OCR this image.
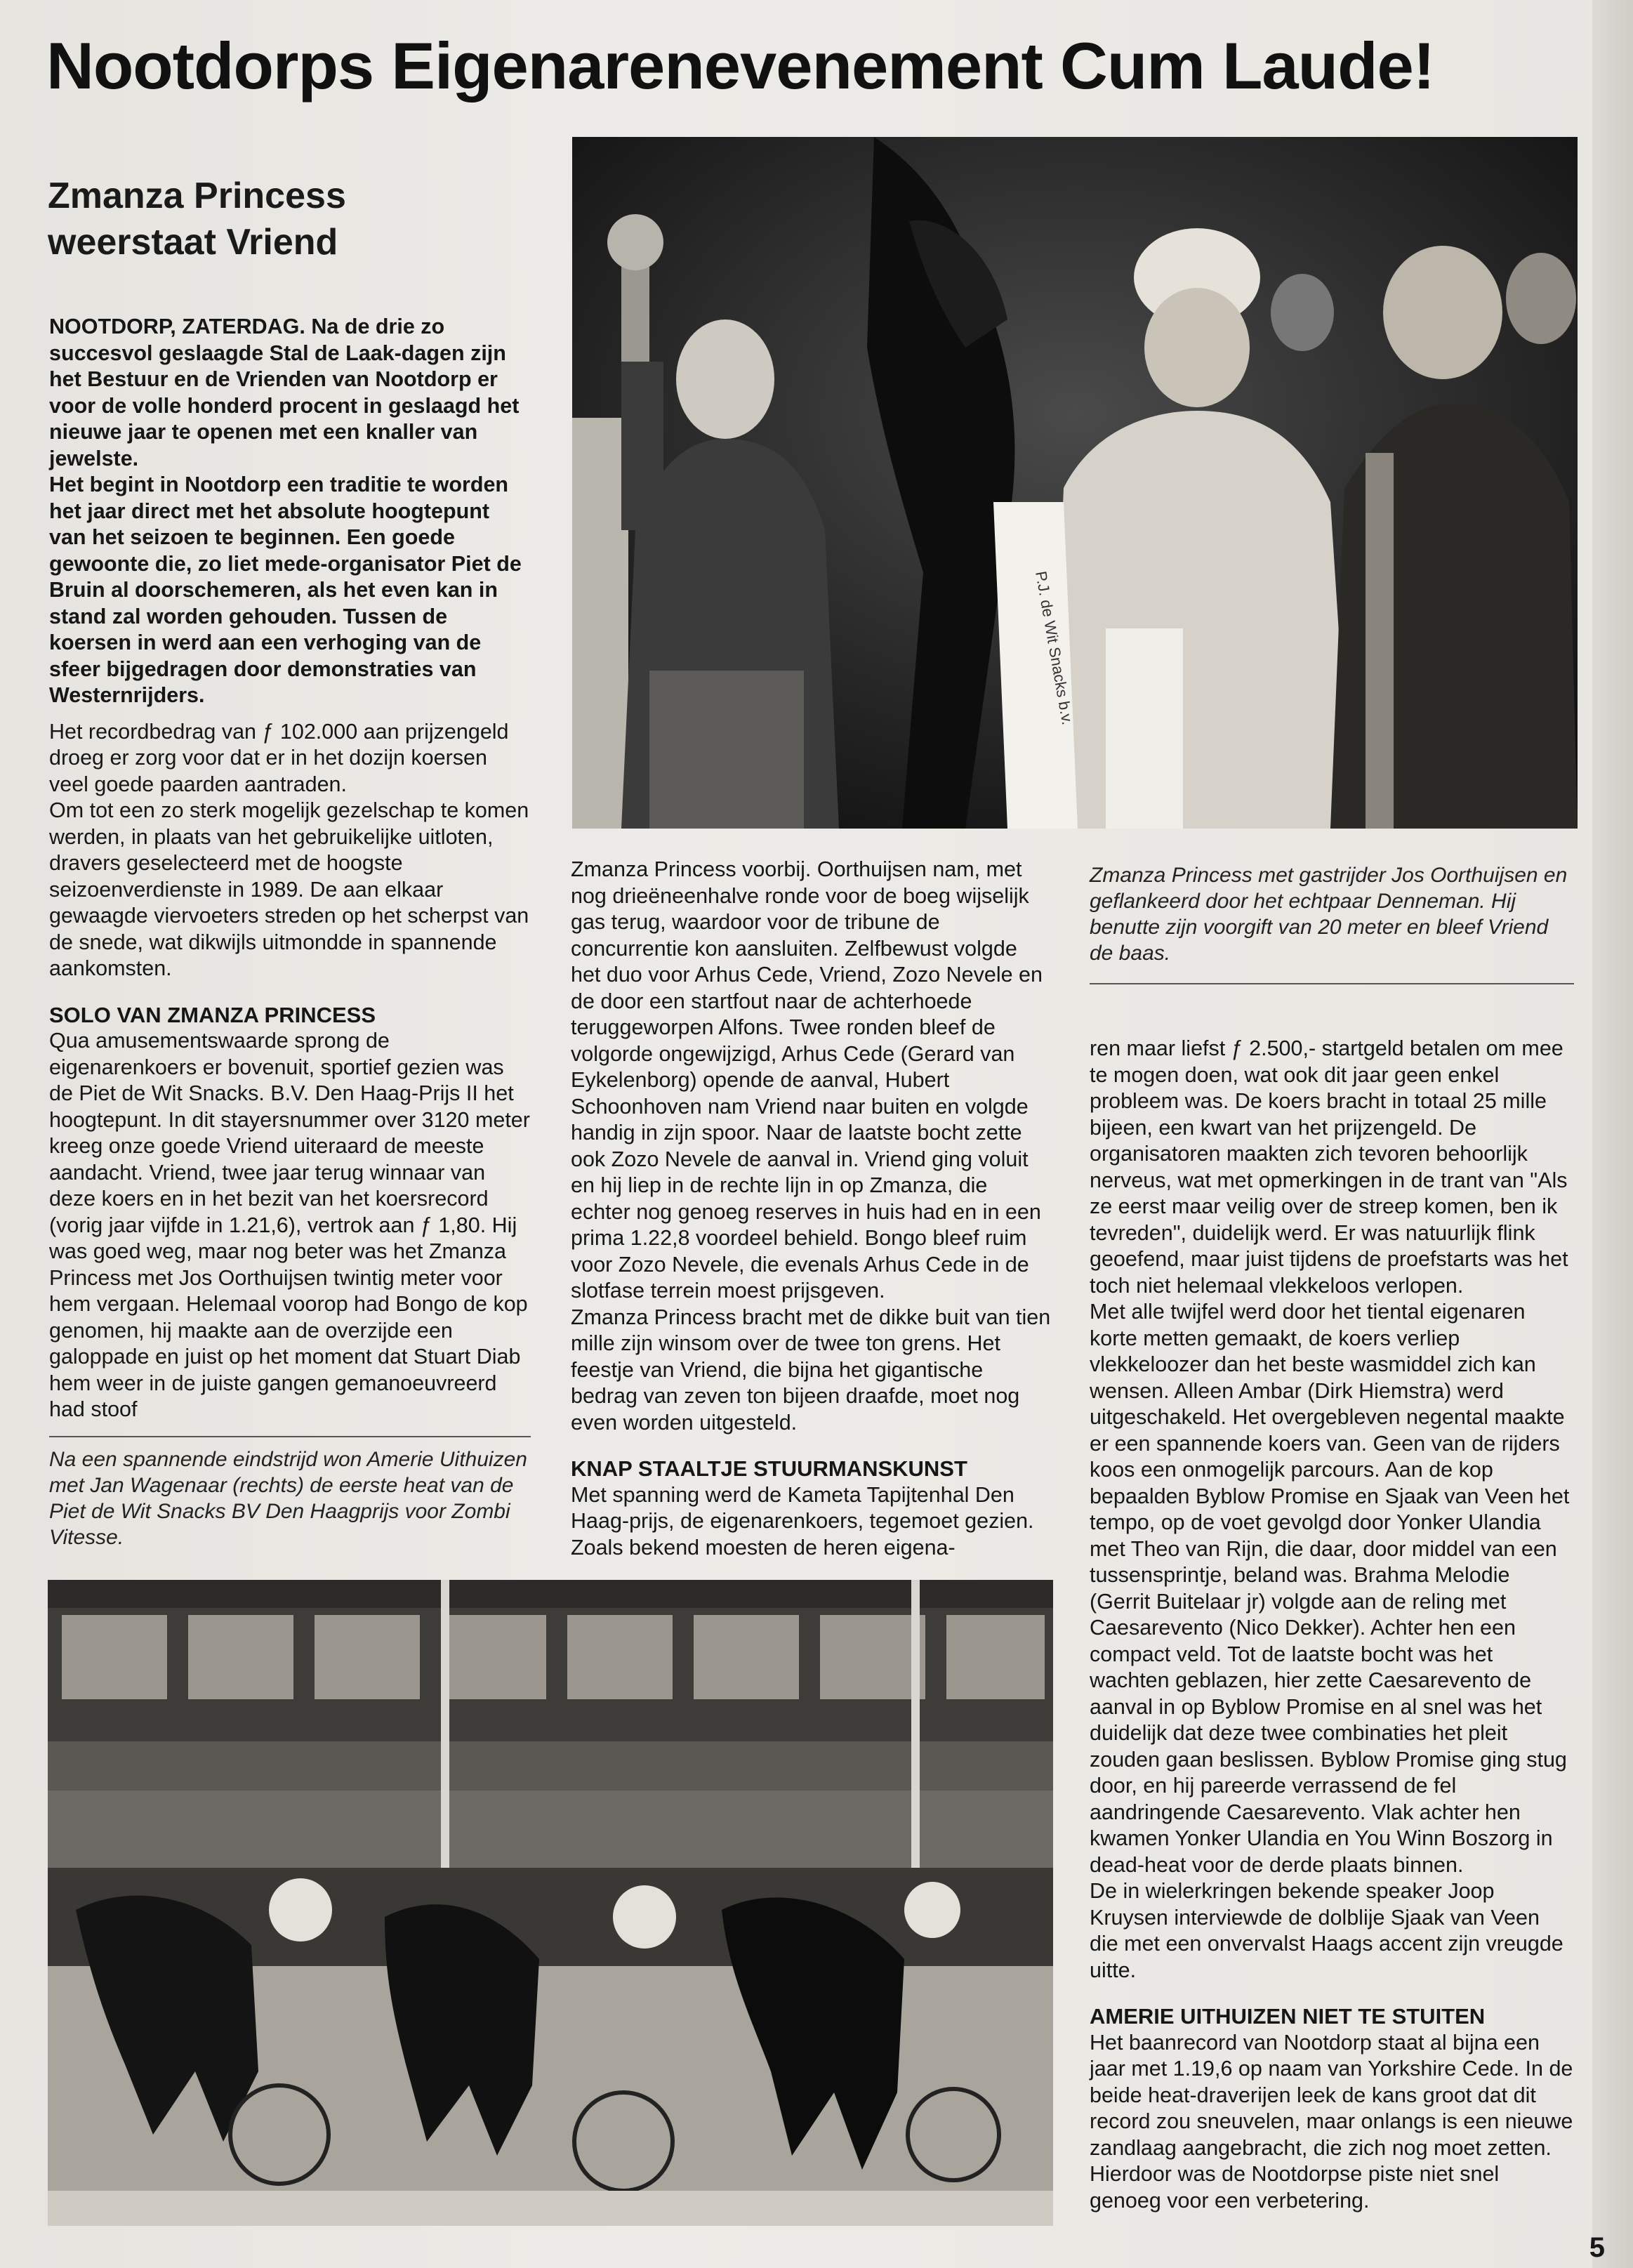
Nootdorps Eigenarenevenement Cum Laude!
Zmanza Princess
weerstaat Vriend
P.J. de Wit Snacks b.v.

NOOTDORP, ZATERDAG. Na de drie zo succesvol geslaagde Stal de Laak-dagen zijn het Bestuur en de Vrienden van Nootdorp er voor de volle honderd procent in geslaagd het nieuwe jaar te openen met een knaller van jewelste.
Het begint in Nootdorp een traditie te worden het jaar direct met het absolute hoogtepunt van het seizoen te beginnen. Een goede gewoonte die, zo liet mede-organisator Piet de Bruin al doorschemeren, als het even kan in stand zal worden gehouden. Tussen de koersen in werd aan een verhoging van de sfeer bijgedragen door demonstraties van Westernrijders.

Het recordbedrag van ƒ 102.000 aan prijzengeld droeg er zorg voor dat er in het dozijn koersen veel goede paarden aantraden.
Om tot een zo sterk mogelijk gezelschap te komen werden, in plaats van het gebruikelijke uitloten, dravers geselecteerd met de hoogste seizoenverdienste in 1989. De aan elkaar gewaagde viervoeters streden op het scherpst van de snede, wat dikwijls uitmondde in spannende aankomsten.

SOLO VAN ZMANZA PRINCESS

Qua amusementswaarde sprong de eigenarenkoers er bovenuit, sportief gezien was de Piet de Wit Snacks. B.V. Den Haag-Prijs II het hoogtepunt. In dit stayersnummer over 3120 meter kreeg onze goede Vriend uiteraard de meeste aandacht. Vriend, twee jaar terug winnaar van deze koers en in het bezit van het koersrecord (vorig jaar vijfde in 1.21,6), vertrok aan ƒ 1,80. Hij was goed weg, maar nog beter was het Zmanza Princess met Jos Oorthuijsen twintig meter voor hem vergaan. Helemaal voorop had Bongo de kop genomen, hij maakte aan de overzijde een galoppade en juist op het moment dat Stuart Diab hem weer in de juiste gangen gemanoeuvreerd had stoof

Na een spannende eindstrijd won Amerie Uithuizen met Jan Wagenaar (rechts) de eerste heat van de Piet de Wit Snacks BV Den Haagprijs voor Zombi Vitesse.

Zmanza Princess voorbij. Oorthuijsen nam, met nog drieëneenhalve ronde voor de boeg wijselijk gas terug, waardoor voor de tribune de concurrentie kon aansluiten. Zelfbewust volgde het duo voor Arhus Cede, Vriend, Zozo Nevele en de door een startfout naar de achterhoede teruggeworpen Alfons. Twee ronden bleef de volgorde ongewijzigd, Arhus Cede (Gerard van Eykelenborg) opende de aanval, Hubert Schoonhoven nam Vriend naar buiten en volgde handig in zijn spoor. Naar de laatste bocht zette ook Zozo Nevele de aanval in. Vriend ging voluit en hij liep in de rechte lijn in op Zmanza, die echter nog genoeg reserves in huis had en in een prima 1.22,8 voordeel behield. Bongo bleef ruim voor Zozo Nevele, die evenals Arhus Cede in de slotfase terrein moest prijsgeven.
Zmanza Princess bracht met de dikke buit van tien mille zijn winsom over de twee ton grens. Het feestje van Vriend, die bijna het gigantische bedrag van zeven ton bijeen draafde, moet nog even worden uitgesteld.

KNAP STAALTJE STUURMANSKUNST

Met spanning werd de Kameta Tapijtenhal Den Haag-prijs, de eigenarenkoers, tegemoet gezien. Zoals bekend moesten de heren eigena-

Zmanza Princess met gastrijder Jos Oorthuijsen en geflankeerd door het echtpaar Denneman. Hij benutte zijn voorgift van 20 meter en bleef Vriend de baas.

ren maar liefst ƒ 2.500,- startgeld betalen om mee te mogen doen, wat ook dit jaar geen enkel probleem was. De koers bracht in totaal 25 mille bijeen, een kwart van het prijzengeld. De organisatoren maakten zich tevoren behoorlijk nerveus, wat met opmerkingen in de trant van "Als ze eerst maar veilig over de streep komen, ben ik tevreden", duidelijk werd. Er was natuurlijk flink geoefend, maar juist tijdens de proefstarts was het toch niet helemaal vlekkeloos verlopen.
Met alle twijfel werd door het tiental eigenaren korte metten gemaakt, de koers verliep vlekkeloozer dan het beste wasmiddel zich kan wensen. Alleen Ambar (Dirk Hiemstra) werd uitgeschakeld. Het overgebleven negental maakte er een spannende koers van. Geen van de rijders koos een onmogelijk parcours. Aan de kop bepaalden Byblow Promise en Sjaak van Veen het tempo, op de voet gevolgd door Yonker Ulandia met Theo van Rijn, die daar, door middel van een tussensprintje, beland was. Brahma Melodie (Gerrit Buitelaar jr) volgde aan de reling met Caesarevento (Nico Dekker). Achter hen een compact veld. Tot de laatste bocht was het wachten geblazen, hier zette Caesarevento de aanval in op Byblow Promise en al snel was het duidelijk dat deze twee combinaties het pleit zouden gaan beslissen. Byblow Promise ging stug door, en hij pareerde verrassend de fel aandringende Caesarevento. Vlak achter hen kwamen Yonker Ulandia en You Winn Boszorg in dead-heat voor de derde plaats binnen.
De in wielerkringen bekende speaker Joop Kruysen interviewde de dolblije Sjaak van Veen die met een onvervalst Haags accent zijn vreugde uitte.

AMERIE UITHUIZEN NIET TE STUITEN

Het baanrecord van Nootdorp staat al bijna een jaar met 1.19,6 op naam van Yorkshire Cede. In de beide heat-draverijen leek de kans groot dat dit record zou sneuvelen, maar onlangs is een nieuwe zandlaag aangebracht, die zich nog moet zetten. Hierdoor was de Nootdorpse piste niet snel genoeg voor een verbetering.

5
